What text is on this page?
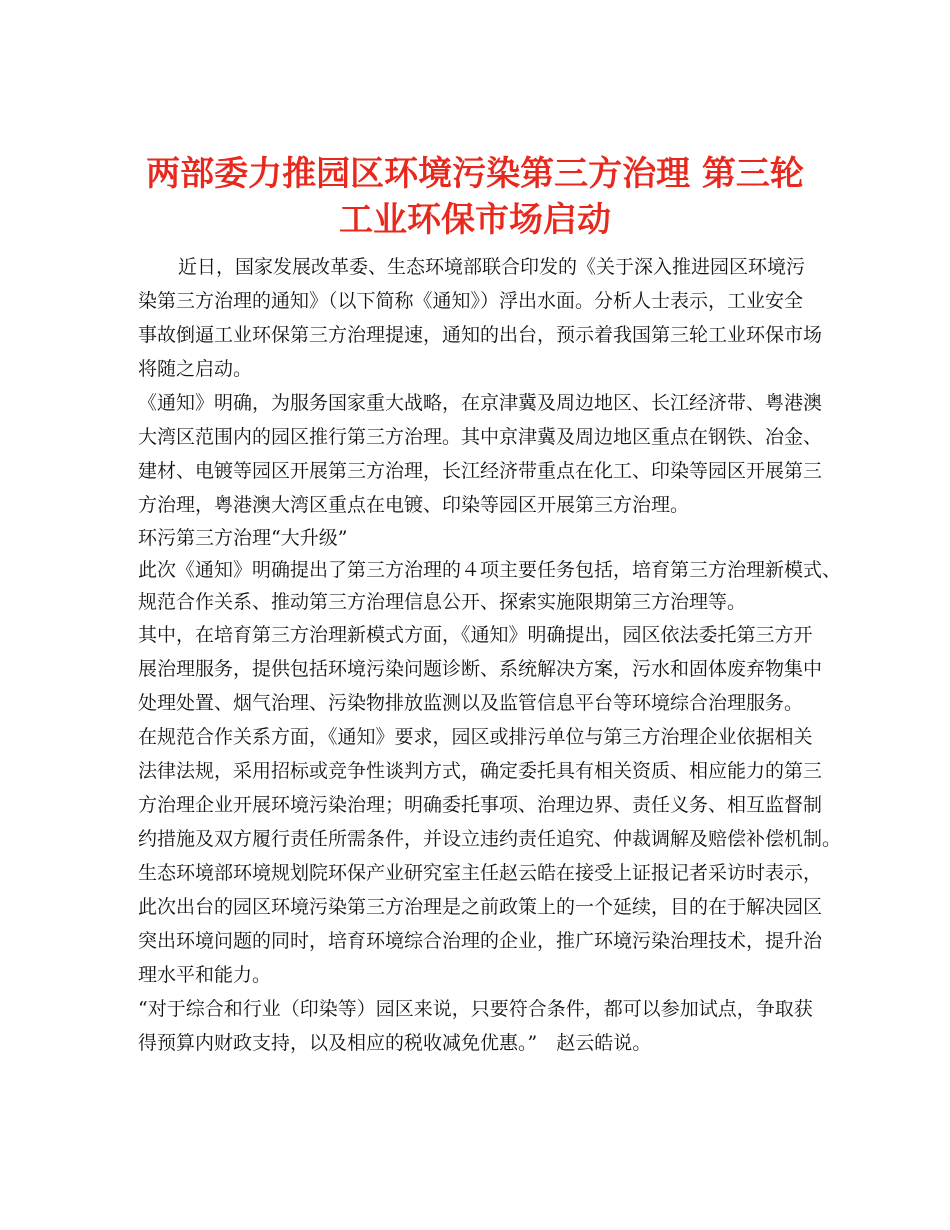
两部委力推园区环境污染第三方治理 第三轮
工业环保市场启动
近日，国家发展改革委、生态环境部联合印发的《关于深入推进园区环境污
染第三方治理的通知》（以下简称《通知》）浮出水面。分析人士表示，工业安全
事故倒逼工业环保第三方治理提速，通知的出台，预示着我国第三轮工业环保市场
将随之启动。
《通知》明确，为服务国家重大战略，在京津冀及周边地区、长江经济带、粤港澳
大湾区范围内的园区推行第三方治理。其中京津冀及周边地区重点在钢铁、冶金、
建材、电镀等园区开展第三方治理，长江经济带重点在化工、印染等园区开展第三
方治理，粤港澳大湾区重点在电镀、印染等园区开展第三方治理。
环污第三方治理“大升级”
此次《通知》明确提出了第三方治理的４项主要任务包括，培育第三方治理新模式、
规范合作关系、推动第三方治理信息公开、探索实施限期第三方治理等。
其中，在培育第三方治理新模式方面，《通知》明确提出，园区依法委托第三方开
展治理服务，提供包括环境污染问题诊断、系统解决方案，污水和固体废弃物集中
处理处置、烟气治理、污染物排放监测以及监管信息平台等环境综合治理服务。
在规范合作关系方面，《通知》要求，园区或排污单位与第三方治理企业依据相关
法律法规，采用招标或竞争性谈判方式，确定委托具有相关资质、相应能力的第三
方治理企业开展环境污染治理；明确委托事项、治理边界、责任义务、相互监督制
约措施及双方履行责任所需条件，并设立违约责任追究、仲裁调解及赔偿补偿机制。
生态环境部环境规划院环保产业研究室主任赵云皓在接受上证报记者采访时表示，
此次出台的园区环境污染第三方治理是之前政策上的一个延续，目的在于解决园区
突出环境问题的同时，培育环境综合治理的企业，推广环境污染治理技术，提升治
理水平和能力。
“对于综合和行业（印染等）园区来说，只要符合条件，都可以参加试点，争取获
得预算内财政支持，以及相应的税收减免优惠。”　赵云皓说。
